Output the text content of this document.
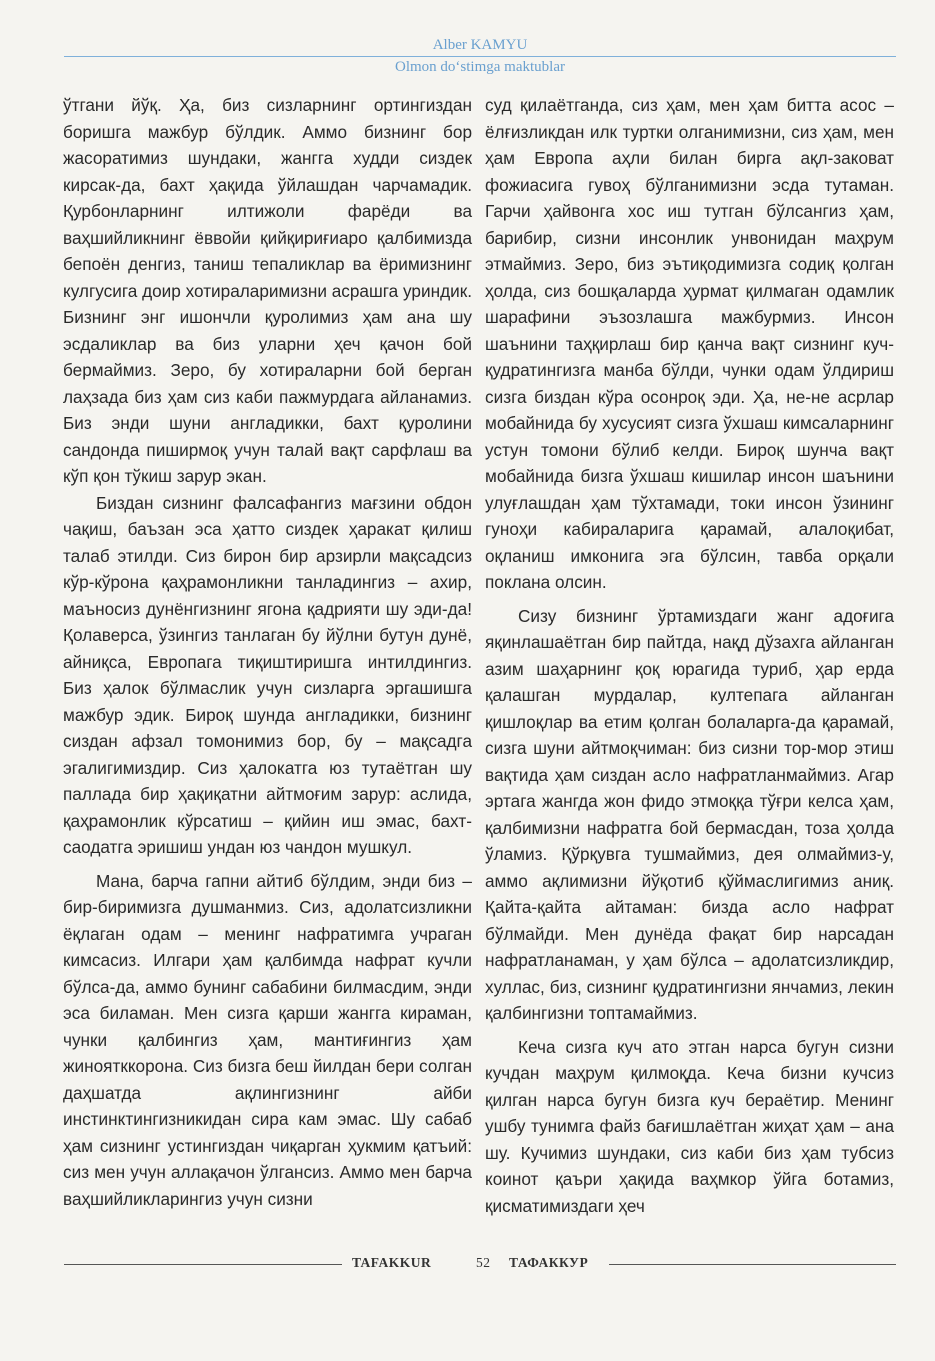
Alber KAMYU
Olmon do‘stimga maktublar

ўтгани йўқ. Ҳа, биз сизларнинг ортингиздан боришга мажбур бўлдик. Аммо бизнинг бор жасоратимиз шундаки, жангга худди сиздек кирсак-да, бахт ҳақида ўйлашдан чарчамадик. Қурбонларнинг илтижоли фарёди ва ваҳшийликнинг ёввойи қийқириғиаро қалбимизда бепоён денгиз, таниш тепаликлар ва ёримизнинг кулгусига доир хотираларимизни асрашга уриндик. Бизнинг энг ишончли қуролимиз ҳам ана шу эсдаликлар ва биз уларни ҳеч қачон бой бермаймиз. Зеро, бу хотираларни бой берган лаҳзада биз ҳам сиз каби пажмурдага айланамиз. Биз энди шуни англадикки, бахт қуролини сандонда пиширмоқ учун талай вақт сарфлаш ва кўп қон тўкиш зарур экан.

Биздан сизнинг фалсафангиз мағзини обдон чақиш, баъзан эса ҳатто сиздек ҳаракат қилиш талаб этилди. Сиз бирон бир арзирли мақсадсиз кўр-кўрона қаҳрамонликни танладингиз – ахир, маъносиз дунёнгизнинг ягона қадрияти шу эди-да! Қолаверса, ўзингиз танлаган бу йўлни бутун дунё, айниқса, Европага тиқиштиришга интилдингиз. Биз ҳалок бўлмаслик учун сизларга эргашишга мажбур эдик. Бироқ шунда англадикки, бизнинг сиздан афзал томонимиз бор, бу – мақсадга эгалигимиздир. Сиз ҳалокатга юз тутаётган шу паллада бир ҳақиқатни айтмоғим зарур: аслида, қаҳрамонлик кўрсатиш – қийин иш эмас, бахт-саодатга эришиш ундан юз чандон мушкул.

Мана, барча гапни айтиб бўлдим, энди биз – бир-биримизга душманмиз. Сиз, адолатсизликни ёқлаган одам – менинг нафратимга учраган кимсасиз. Илгари ҳам қалбимда нафрат кучли бўлса-да, аммо бунинг сабабини билмасдим, энди эса биламан. Мен сизга қарши жангга кираман, чунки қалбингиз ҳам, мантиғингиз ҳам жиноятккорона. Сиз бизга беш йилдан бери солган даҳшатда ақлингизнинг айби инстинктингизникидан сира кам эмас. Шу сабаб ҳам сизнинг устингиздан чиқарган ҳукмим қатъий: сиз мен учун аллақачон ўлгансиз. Аммо мен барча ваҳшийликларингиз учун сизни

суд қилаётганда, сиз ҳам, мен ҳам битта асос – ёлғизликдан илк туртки олганимизни, сиз ҳам, мен ҳам Европа аҳли билан бирга ақл-заковат фожиасига гувоҳ бўлганимизни эсда тутаман. Гарчи ҳайвонга хос иш тутган бўлсангиз ҳам, барибир, сизни инсонлик унвонидан маҳрум этмаймиз. Зеро, биз эътиқодимизга содиқ қолган ҳолда, сиз бошқаларда ҳурмат қилмаган одамлик шарафини эъзозлашга мажбурмиз. Инсон шаънини таҳқирлаш бир қанча вақт сизнинг куч-қудратингизга манба бўлди, чунки одам ўлдириш сизга биздан кўра осонроқ эди. Ҳа, не-не асрлар мобайнида бу хусусият сизга ўхшаш кимсаларнинг устун томони бўлиб келди. Бироқ шунча вақт мобайнида бизга ўхшаш кишилар инсон шаънини улуғлашдан ҳам тўхтамади, токи инсон ўзининг гуноҳи кабираларига қарамай, алалоқибат, оқланиш имконига эга бўлсин, тавба орқали поклана олсин.

Сизу бизнинг ўртамиздаги жанг адоғига яқинлашаётган бир пайтда, нақд дўзахга айланган азим шаҳарнинг қоқ юрагида туриб, ҳар ерда қалашган мурдалар, култепага айланган қишлоқлар ва етим қолган болаларга-да қарамай, сизга шуни айтмоқчиман: биз сизни тор-мор этиш вақтида ҳам сиздан асло нафратланмаймиз. Агар эртага жангда жон фидо этмоққа тўғри келса ҳам, қалбимизни нафратга бой бермасдан, тоза ҳолда ўламиз. Қўрқувга тушмаймиз, дея олмаймиз-у, аммо ақлимизни йўқотиб қўймаслигимиз аниқ. Қайта-қайта айтаман: бизда асло нафрат бўлмайди. Мен дунёда фақат бир нарсадан нафратланаман, у ҳам бўлса – адолатсизликдир, хуллас, биз, сизнинг қудратингизни янчамиз, лекин қалбингизни топтамаймиз.

Кеча сизга куч ато этган нарса бугун сизни кучдан маҳрум қилмоқда. Кеча бизни кучсиз қилган нарса бугун бизга куч бераётир. Менинг ушбу тунимга файз бағишлаётган жиҳат ҳам – ана шу. Кучимиз шундаки, сиз каби биз ҳам тубсиз коинот қаъри ҳақида ваҳмкор ўйга ботамиз, қисматимиздаги ҳеч

TAFAKKUR	52 ТАФАККУР
